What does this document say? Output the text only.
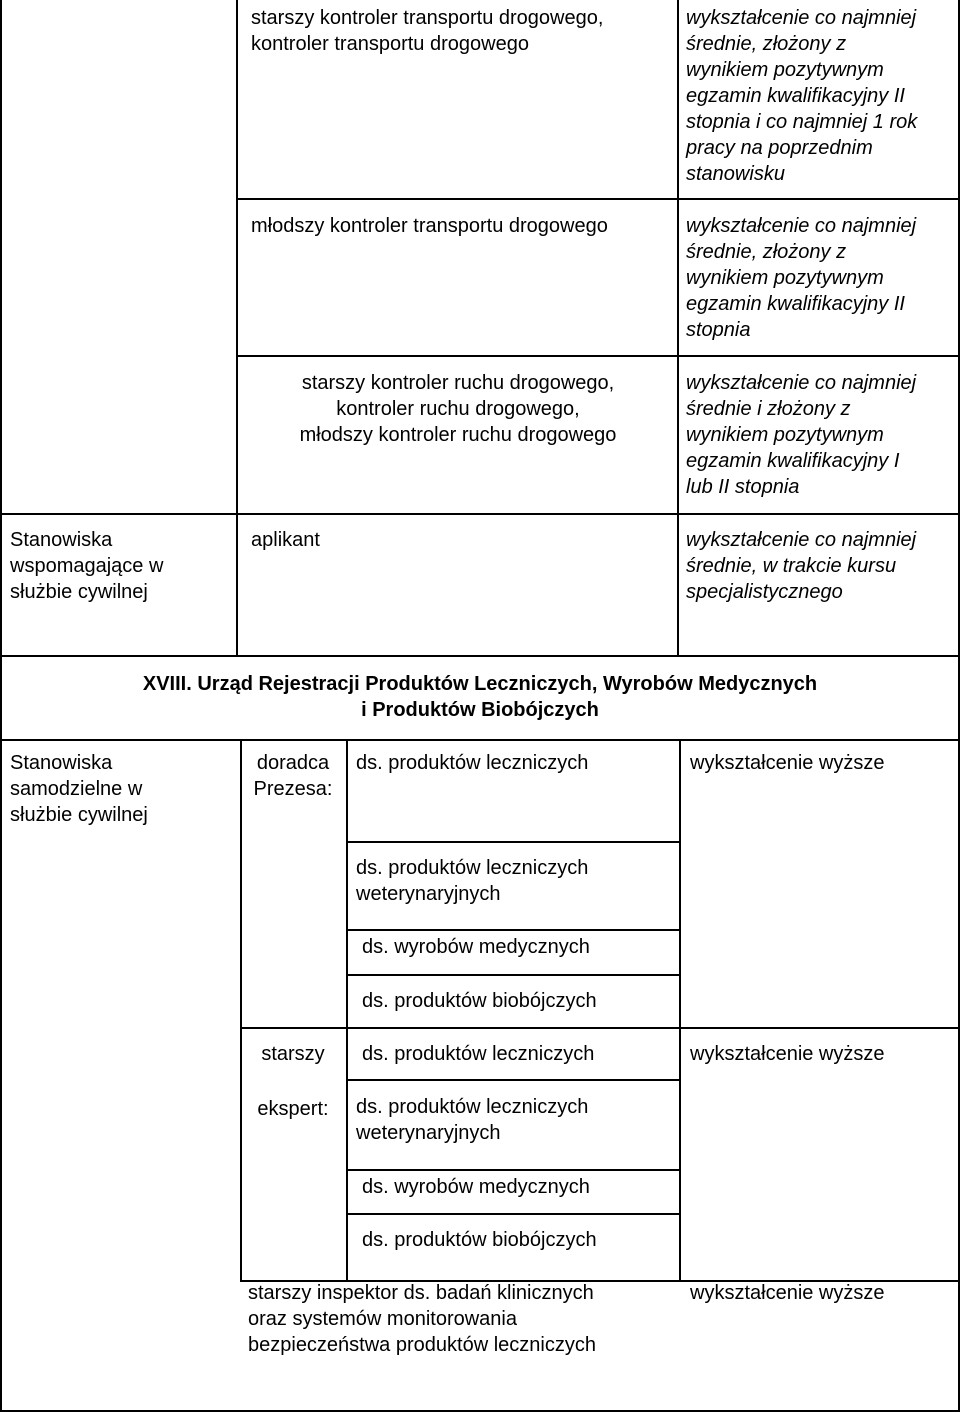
starszy kontroler transportu drogowego,
kontroler transportu drogowego
wykształcenie co najmniej
średnie, złożony z
wynikiem pozytywnym
egzamin kwalifikacyjny II
stopnia i co najmniej 1 rok
pracy na poprzednim
stanowisku
młodszy kontroler transportu drogowego	wykształcenie co najmniej
średnie, złożony z
wynikiem pozytywnym
egzamin kwalifikacyjny II
stopnia
starszy kontroler ruchu drogowego,
kontroler ruchu drogowego,
młodszy kontroler ruchu drogowego
wykształcenie co najmniej
średnie i złożony z
wynikiem pozytywnym
egzamin kwalifikacyjny I
lub II stopnia
Stanowiska
wspomagające w
służbie cywilnej
aplikant	wykształcenie co najmniej
średnie, w trakcie kursu
specjalistycznego
XVIII. Urząd Rejestracji Produktów Leczniczych, Wyrobów Medycznych
i Produktów Biobójczych
Stanowiska
samodzielne w
służbie cywilnej
doradca
Prezesa:
ds. produktów leczniczych
ds. produktów leczniczych
weterynaryjnych
ds. wyrobów medycznych
ds. produktów biobójczych
wykształcenie wyższe
starszy
ekspert:
ds. produktów leczniczych
ds. produktów leczniczych
weterynaryjnych
ds. wyrobów medycznych
ds. produktów biobójczych
wykształcenie wyższe
starszy inspektor ds. badań klinicznych
oraz systemów monitorowania
bezpieczeństwa produktów leczniczych
wykształcenie wyższe
